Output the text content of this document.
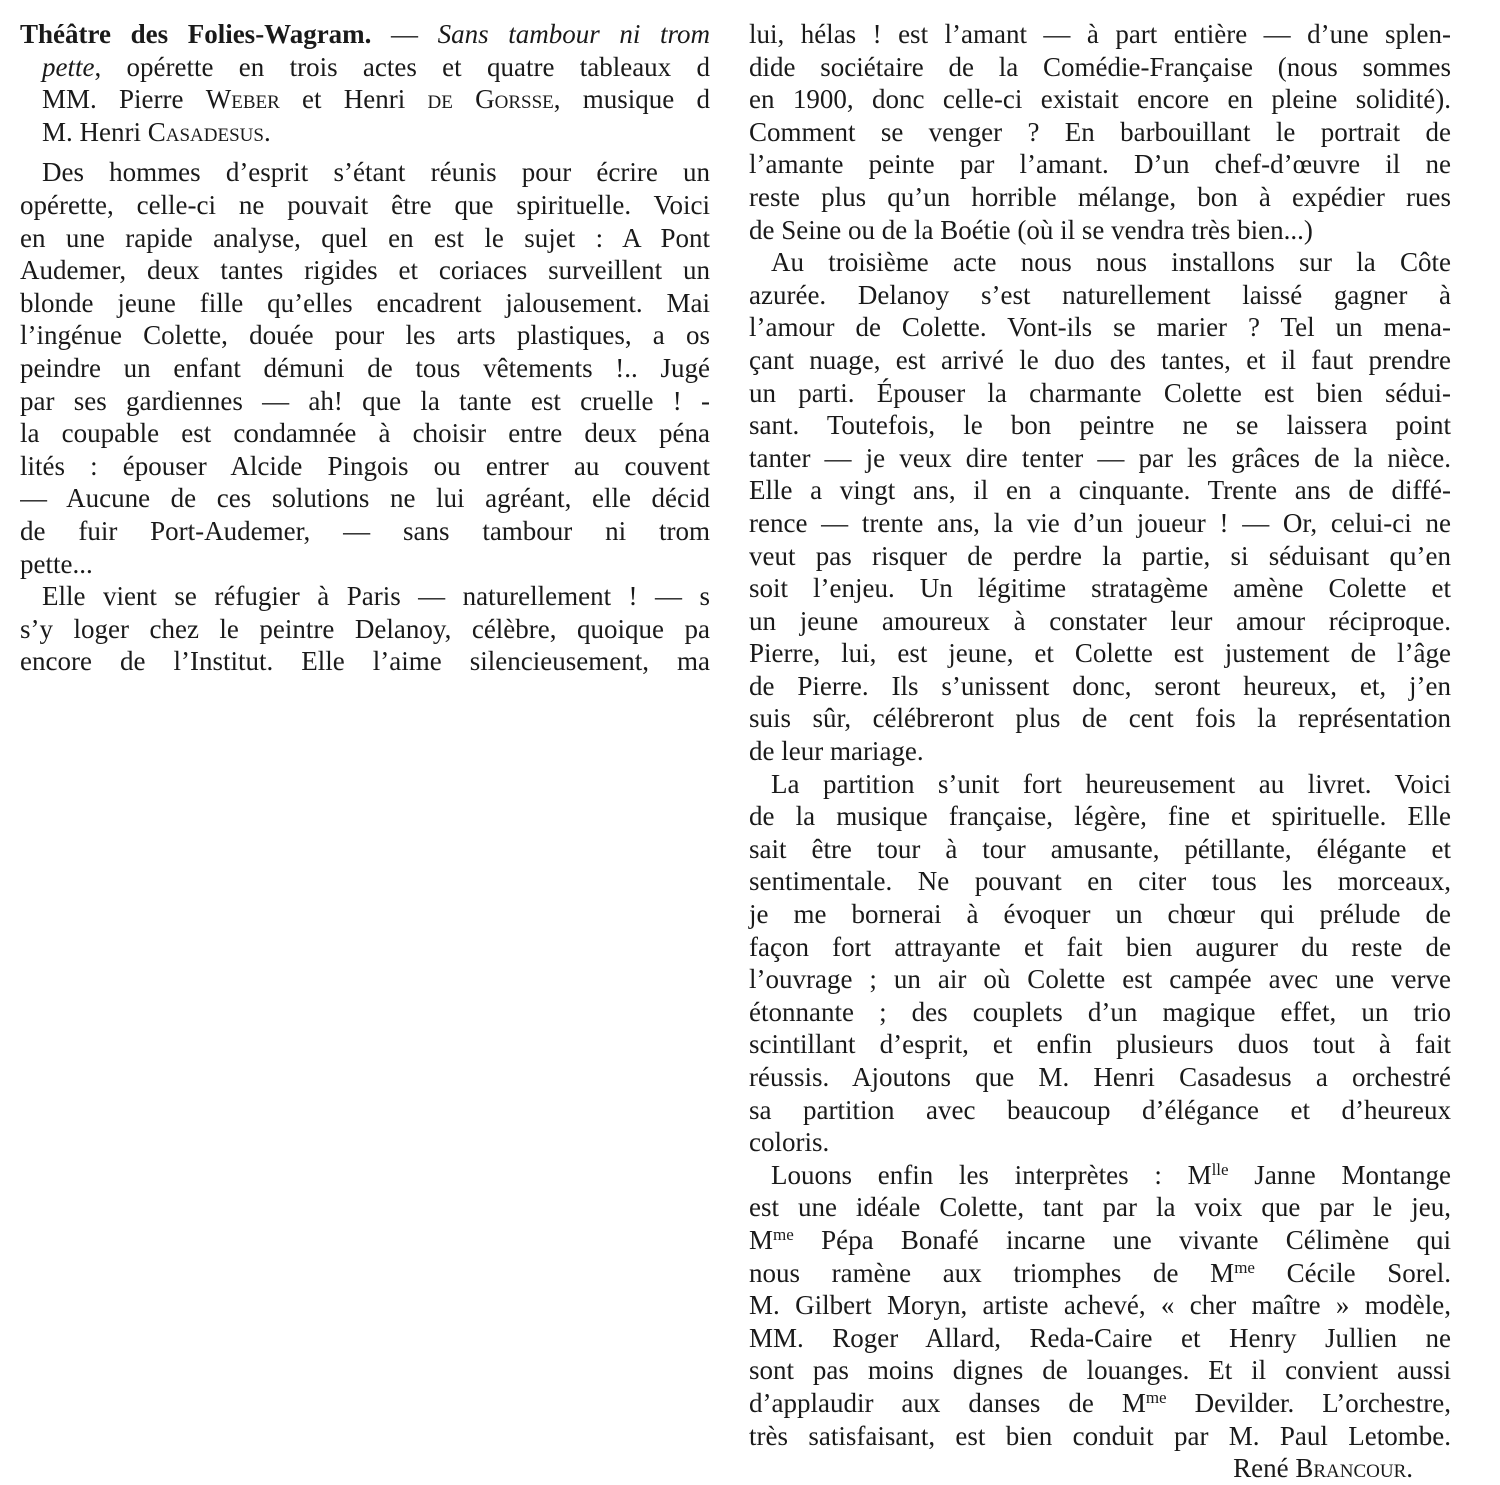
Théâtre des Folies-Wagram. — Sans tambour ni trom
pette, opérette en trois actes et quatre tableaux d
MM. Pierre Weber et Henri de Gorsse, musique d
M. Henri Casadesus.
Des hommes d’esprit s’étant réunis pour écrire un
opérette, celle-ci ne pouvait être que spirituelle. Voici
en une rapide analyse, quel en est le sujet : A Pont
Audemer, deux tantes rigides et coriaces surveillent un
blonde jeune fille qu’elles encadrent jalousement. Mai
l’ingénue Colette, douée pour les arts plastiques, a os
peindre un enfant démuni de tous vêtements !.. Jugé
par ses gardiennes — ah! que la tante est cruelle ! -
la coupable est condamnée à choisir entre deux péna
lités : épouser Alcide Pingois ou entrer au couvent
— Aucune de ces solutions ne lui agréant, elle décid
de fuir Port-Audemer, — sans tambour ni trom
pette...
Elle vient se réfugier à Paris — naturellement ! — s
s’y loger chez le peintre Delanoy, célèbre, quoique pa
encore de l’Institut. Elle l’aime silencieusement, ma
lui, hélas ! est l’amant — à part entière — d’une splen-
dide sociétaire de la Comédie-Française (nous sommes
en 1900, donc celle-ci existait encore en pleine solidité).
Comment se venger ? En barbouillant le portrait de
l’amante peinte par l’amant. D’un chef-d’œuvre il ne
reste plus qu’un horrible mélange, bon à expédier rues
de Seine ou de la Boétie (où il se vendra très bien...)
Au troisième acte nous nous installons sur la Côte
azurée. Delanoy s’est naturellement laissé gagner à
l’amour de Colette. Vont-ils se marier ? Tel un mena-
çant nuage, est arrivé le duo des tantes, et il faut prendre
un parti. Épouser la charmante Colette est bien sédui-
sant. Toutefois, le bon peintre ne se laissera point
tanter — je veux dire tenter — par les grâces de la nièce.
Elle a vingt ans, il en a cinquante. Trente ans de diffé-
rence — trente ans, la vie d’un joueur ! — Or, celui-ci ne
veut pas risquer de perdre la partie, si séduisant qu’en
soit l’enjeu. Un légitime stratagème amène Colette et
un jeune amoureux à constater leur amour réciproque.
Pierre, lui, est jeune, et Colette est justement de l’âge
de Pierre. Ils s’unissent donc, seront heureux, et, j’en
suis sûr, célébreront plus de cent fois la représentation
de leur mariage.
La partition s’unit fort heureusement au livret. Voici
de la musique française, légère, fine et spirituelle. Elle
sait être tour à tour amusante, pétillante, élégante et
sentimentale. Ne pouvant en citer tous les morceaux,
je me bornerai à évoquer un chœur qui prélude de
façon fort attrayante et fait bien augurer du reste de
l’ouvrage ; un air où Colette est campée avec une verve
étonnante ; des couplets d’un magique effet, un trio
scintillant d’esprit, et enfin plusieurs duos tout à fait
réussis. Ajoutons que M. Henri Casadesus a orchestré
sa partition avec beaucoup d’élégance et d’heureux
coloris.
Louons enfin les interprètes : $M^{lle}$ Janne Montange
est une idéale Colette, tant par la voix que par le jeu,
$M^{me}$ Pépa Bonafé incarne une vivante Célimène qui
nous ramène aux triomphes de $M^{me}$ Cécile Sorel.
M. Gilbert Moryn, artiste achevé, « cher maître » modèle,
MM. Roger Allard, Reda-Caire et Henry Jullien ne
sont pas moins dignes de louanges. Et il convient aussi
d’applaudir aux danses de $M^{me}$ Devilder. L’orchestre,
très satisfaisant, est bien conduit par M. Paul Letombe.
René Brancour.
